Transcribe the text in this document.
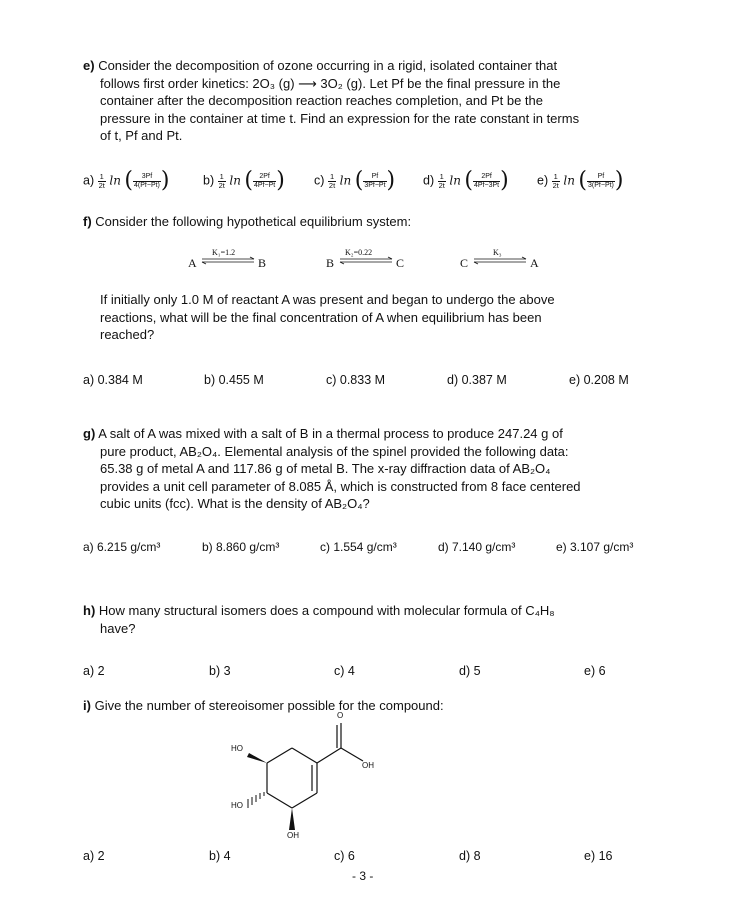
e) Consider the decomposition of ozone occurring in a rigid, isolated container that
follows first order kinetics: 2O₃ (g) ⟶ 3O₂ (g). Let Pf be the final pressure in the
container after the decomposition reaction reaches completion, and Pt be the
pressure in the container at time t. Find an expression for the rate constant in terms
of t, Pf and Pt.
$a) \frac{1}{2t}$ ln ( $\frac{3Pf}{4(Pf-Pt)}$ )	$b) \frac{1}{2t}$ ln ( $\frac{2Pf}{4Pf-Pt}$ ) $c) \frac{1}{2t}$ ln ( $\frac{Pf}{3Pf-Pt}$ ) $d) \frac{1}{2t}$ ln ( $\frac{2Pf}{4Pf-3Pt}$ ) $e) \frac{1}{2t}$ ln ( $\frac{Pf}{3(Pf-Pt)}$ )
f) Consider the following hypothetical equilibrium system:
A
K₁=1.2
B	B
K₂=0.22
C	C
K₃
A
If initially only 1.0 M of reactant A was present and began to undergo the above
reactions, what will be the final concentration of A when equilibrium has been
reached?
a) 0.384 M	b) 0.455 M	c) 0.833 M	d) 0.387 M	e) 0.208 M
g) A salt of A was mixed with a salt of B in a thermal process to produce 247.24 g of
pure product, AB₂O₄. Elemental analysis of the spinel provided the following data:
65.38 g of metal A and 117.86 g of metal B. The x-ray diffraction data of AB₂O₄
provides a unit cell parameter of 8.085 Å, which is constructed from 8 face centered
cubic units (fcc). What is the density of AB₂O₄?
a) 6.215 g/cm³	b) 8.860 g/cm³	c) 1.554 g/cm³	d) 7.140 g/cm³	e) 3.107 g/cm³
h) How many structural isomers does a compound with molecular formula of C₄H₈
have?
a) 2	b) 3	c) 4	d) 5	e) 6
i) Give the number of stereoisomer possible for the compound:
HO
HO
OH
OH
O
a) 2	b) 4	c) 6	d) 8	e) 16
- 3 -
